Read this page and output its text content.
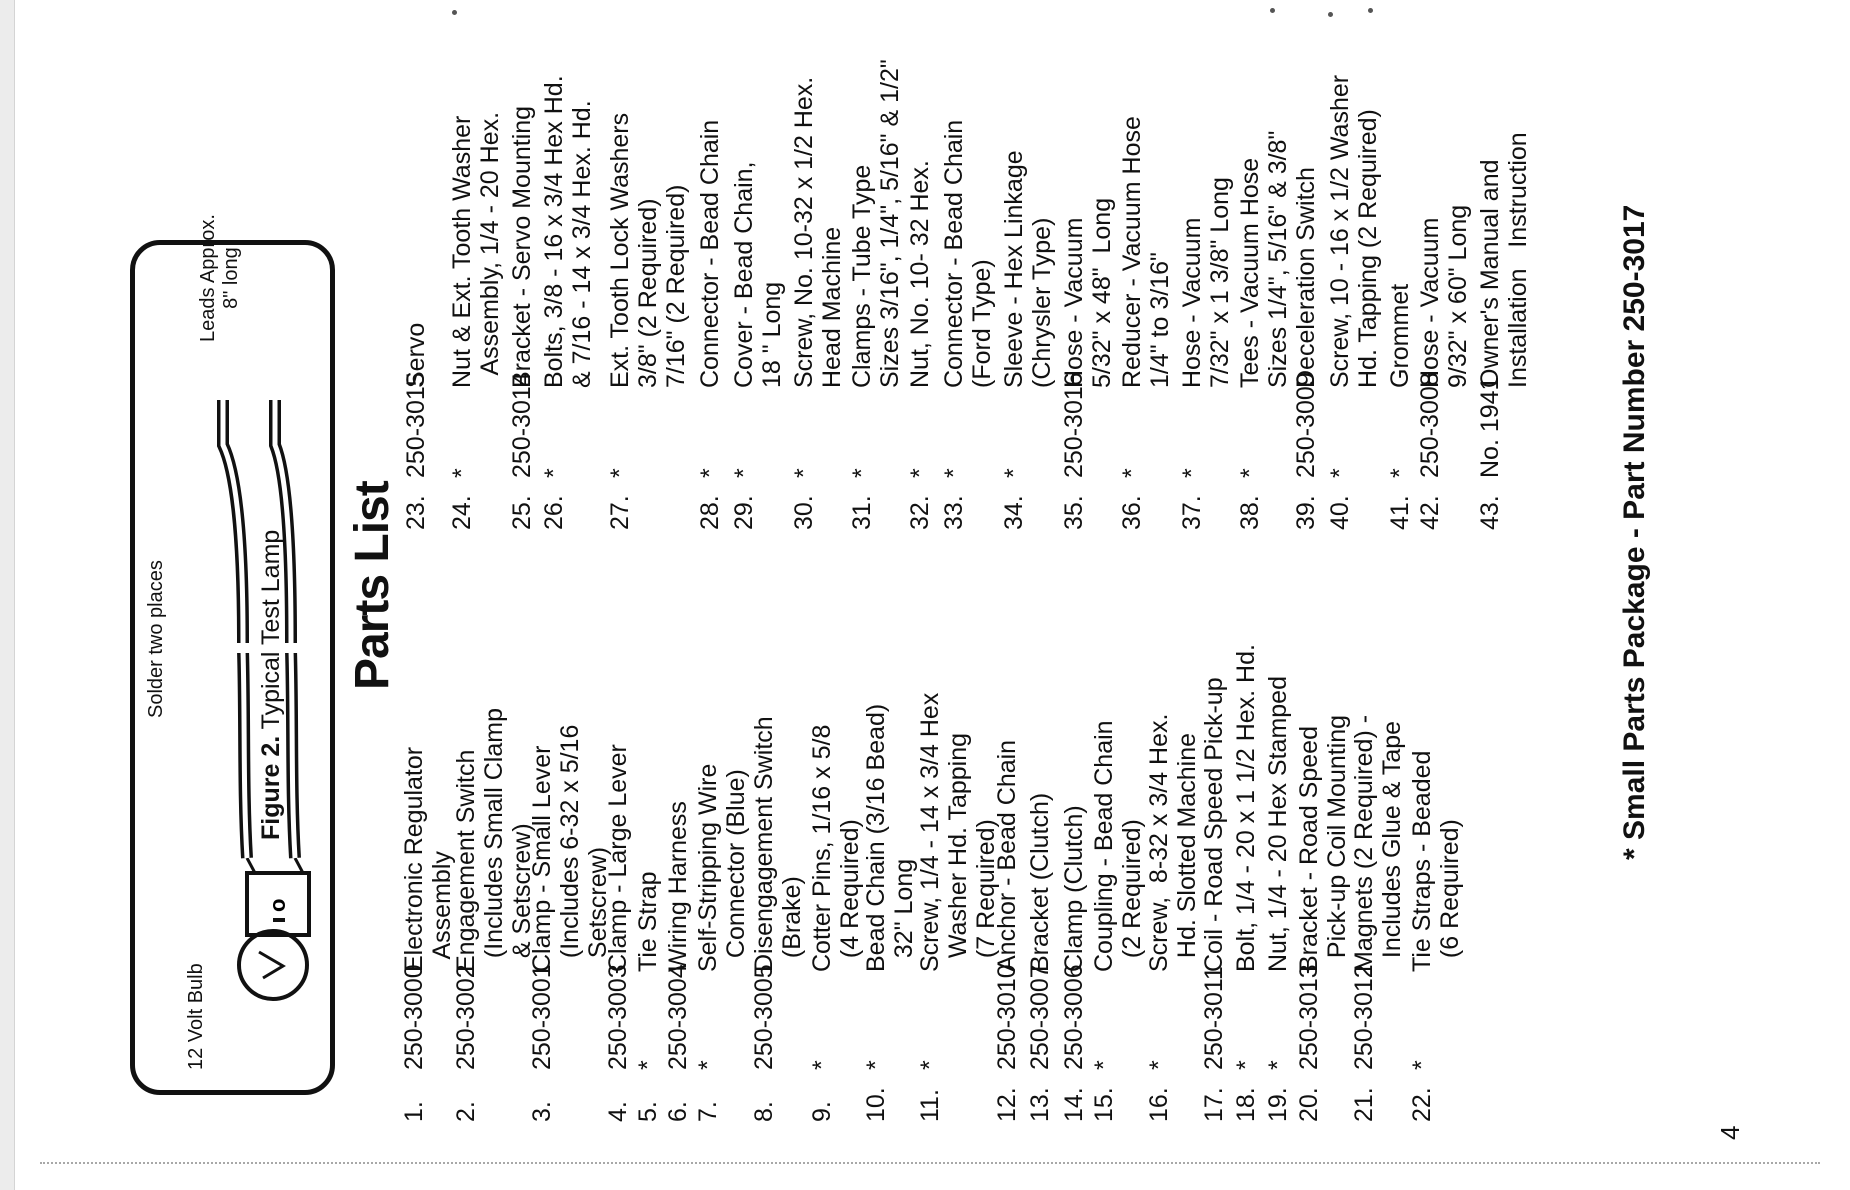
o
Figure 2. Typical Test Lamp
12 Volt Bulb
Solder two places
Leads Approx. 8" long
Parts List
1.
250-3000
Electronic Regulator
Assembly
2.
250-3002
Engagement Switch
(Includes Small Clamp
& Setscrew)
3.
250-3001
Clamp - Small Lever
(Includes 6-32 x 5/16
Setscrew)
4.
250-3003
Clamp - Large Lever
5.
*
Tie Strap
6.
250-3004
Wiring Harness
7.
*
Self-Stripping Wire
Connector (Blue)
8.
250-3005
Disengagement Switch
(Brake)
9.
*
Cotter Pins, 1/16 x 5/8
(4 Required)
10.
*
Bead Chain (3/16 Bead)
32" Long
11.
*
Screw, 1/4 - 14 x 3/4 Hex
Washer Hd. Tapping
(7 Required)
12.
250-3010
Anchor - Bead Chain
13.
250-3007
Bracket (Clutch)
14.
250-3006
Clamp (Clutch)
15.
*
Coupling - Bead Chain
(2 Required)
16.
*
Screw,  8-32 x 3/4 Hex.
Hd. Slotted Machine
17.
250-3011
Coil - Road Speed Pick-up
18.
*
Bolt, 1/4 - 20 x 1 1/2 Hex. Hd.
19.
*
Nut, 1/4 - 20 Hex Stamped
20.
250-3013
Bracket - Road Speed
Pick-up Coil Mounting
21.
250-3012
Magnets (2 Required) -
Includes Glue & Tape
22.
*
Tie Straps - Beaded
(6 Required)
23.
250-3015
Servo
24.
*
Nut & Ext. Tooth Washer
Assembly, 1/4 - 20 Hex.
25.
250-3014
Bracket - Servo Mounting
26.
*
Bolts, 3/8 - 16 x 3/4 Hex Hd.
& 7/16 - 14 x 3/4 Hex. Hd.
27.
*
Ext. Tooth Lock Washers
3/8" (2 Required)
7/16" (2 Required)
28.
*
Connector - Bead Chain
29.
*
Cover - Bead Chain,
18 " Long
30.
*
Screw, No. 10-32 x 1/2 Hex.
Head Machine
31.
*
Clamps - Tube Type
Sizes 3/16", 1/4", 5/16" & 1/2"
32.
*
Nut, No. 10- 32 Hex.
33.
*
Connector - Bead Chain
(Ford Type)
34.
*
Sleeve - Hex Linkage
(Chrysler Type)
35.
250-3016
Hose - Vacuum
5/32" x 48"  Long
36.
*
Reducer - Vacuum Hose
1/4" to 3/16"
37.
*
Hose - Vacuum
7/32" x 1 3/8" Long
38.
*
Tees - Vacuum Hose
Sizes 1/4", 5/16" & 3/8"
39.
250-3009
Deceleration Switch
40.
*
Screw, 10 - 16 x 1/2 Washer
Hd. Tapping (2 Required)
41.
*
Grommet
42.
250-3008
Hose - Vacuum
9/32" x 60" Long
43.
No. 1941
Owner's Manual and
Installation   Instruction
* Small Parts Package - Part Number 250-3017
4
